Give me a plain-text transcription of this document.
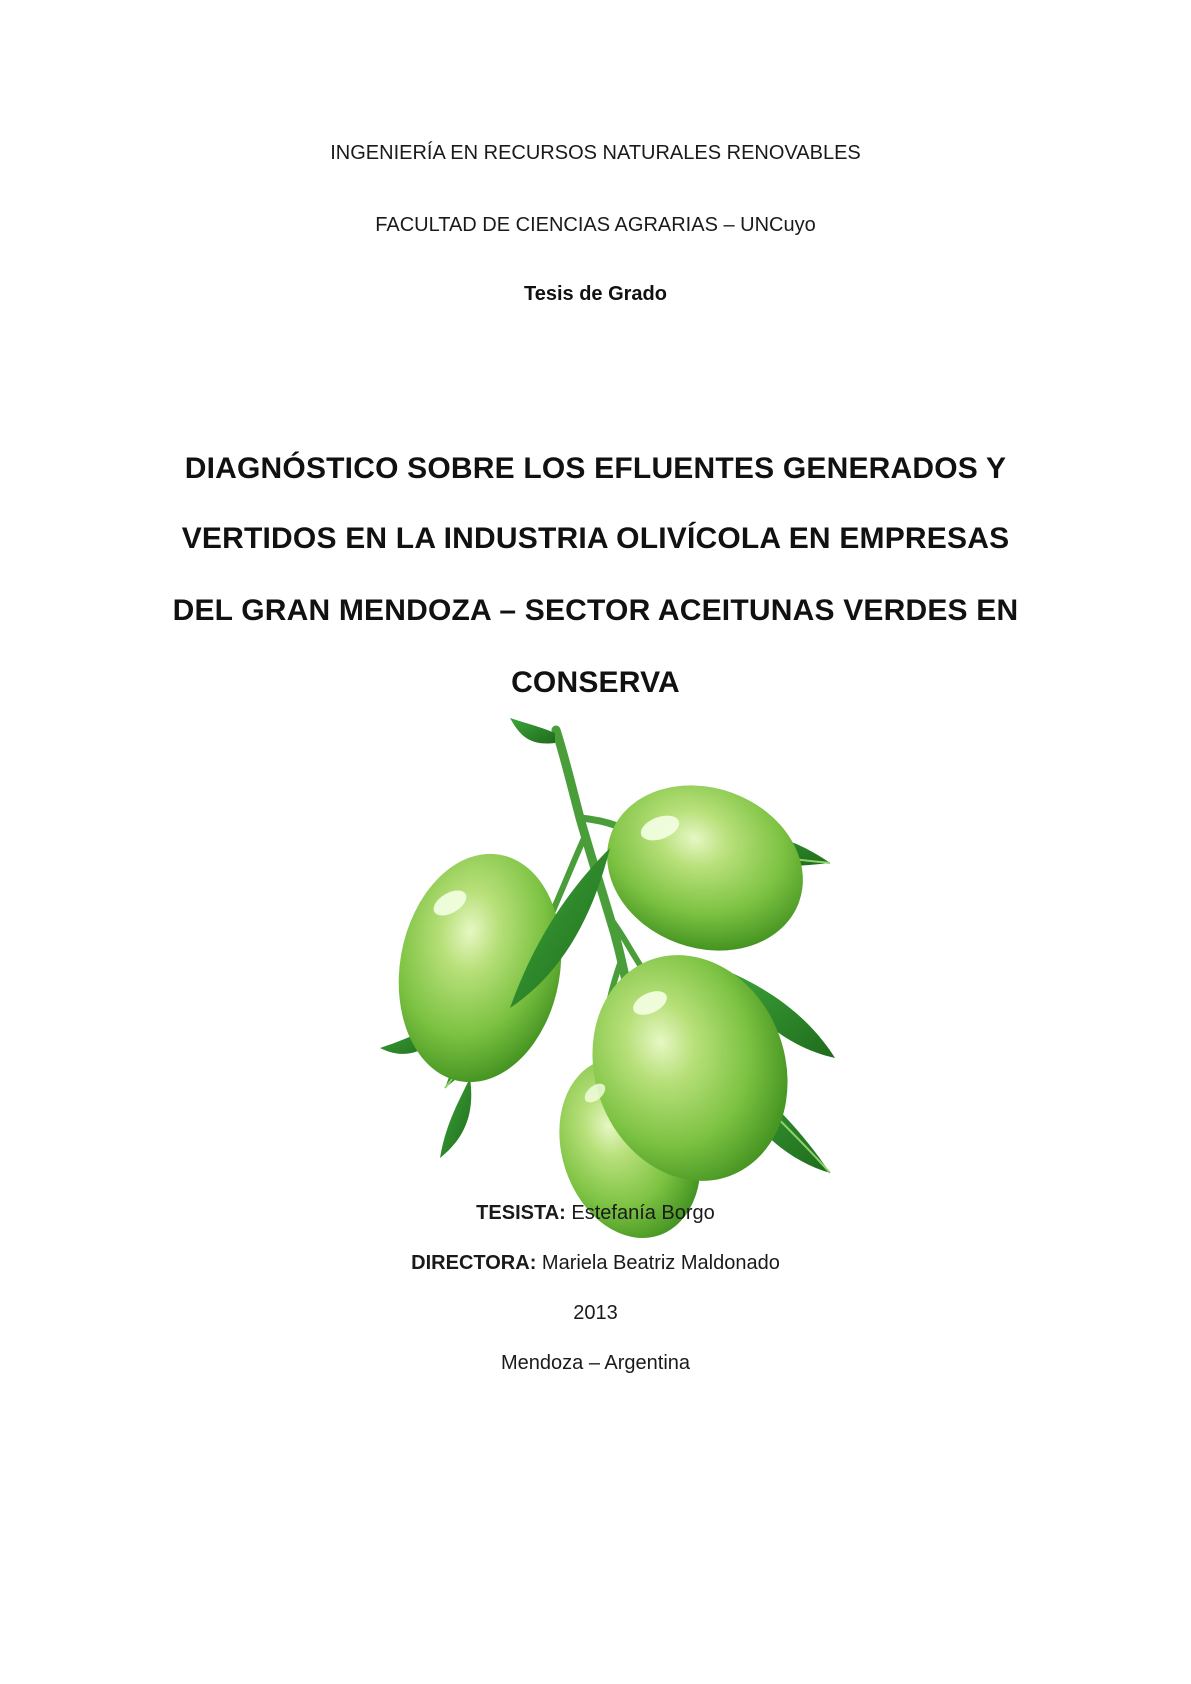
INGENIERÍA EN RECURSOS NATURALES RENOVABLES
FACULTAD DE CIENCIAS AGRARIAS – UNCuyo
Tesis de Grado
DIAGNÓSTICO SOBRE LOS EFLUENTES GENERADOS Y
VERTIDOS EN LA INDUSTRIA OLIVÍCOLA EN EMPRESAS
DEL GRAN MENDOZA – SECTOR ACEITUNAS VERDES EN
CONSERVA
TESISTA: Estefanía Borgo
DIRECTORA: Mariela Beatriz Maldonado
2013
Mendoza – Argentina
